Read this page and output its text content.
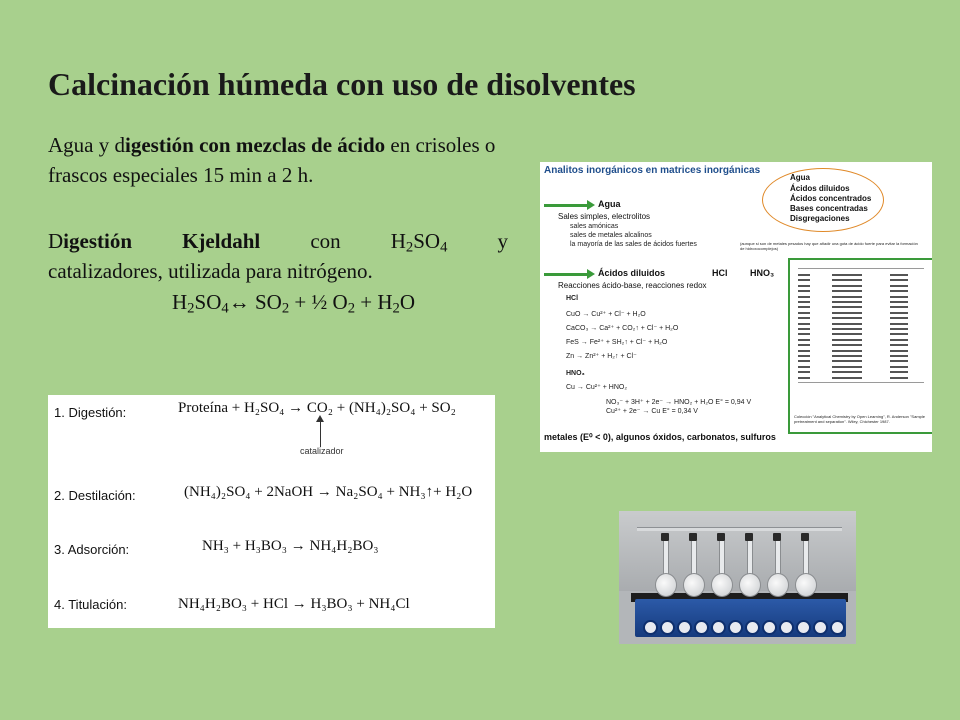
Calcinación húmeda con uso de disolventes
Agua y digestión con mezclas de ácido en crisoles o frascos especiales 15 min a 2 h.
Digestión Kjeldahl con $H_2SO_4$ y
catalizadores, utilizada para nitrógeno.
$H_2SO_4\leftrightarrow$ $SO_2$ + ½ $O_2 + H_2O$
1. Digestión:	Proteína + H₂SO₄ → CO₂ + (NH₄)₂SO₄ + SO₂
catalizador
2. Destilación:	(NH₄)₂SO₄ + 2NaOH → Na₂SO₄ + NH₃↑+ H₂O
3. Adsorción:	NH₃ + H₃BO₃ → NH₄H₂BO₃
4. Titulación:	NH₄H₂BO₃ + HCl → H₃BO₃ + NH₄Cl
Analitos inorgánicos en matrices inorgánicas
Agua
Ácidos diluidos
Ácidos concentrados
Bases concentradas
Disgregaciones
Agua
Sales simples, electrolitos
sales amónicas
sales de metales alcalinos
la mayoría de las sales de ácidos fuertes	(aunque si son de metales pesados hay que añadir una gota de ácido fuerte para evitar la formación de hidroxocomplejos)
Ácidos diluidos	HCl	HNO₃
Reacciones ácido-base, reacciones redox
HCl
CuO → Cu²⁺ + Cl⁻ + H₂O
CaCO₃ → Ca²⁺ + CO₂↑ + Cl⁻ + H₂O
FeS → Fe²⁺ + SH₂↑ + Cl⁻ + H₂O
Zn → Zn²⁺ + H₂↑ + Cl⁻
HNO₃
Cu → Cu²⁺ + HNO₂
NO₃⁻ + 3H⁺ + 2e⁻ → HNO₂ + H₂O E° = 0,94 V
Cu²⁺ + 2e⁻ → Cu E° = 0,34 V
Colección "Analytical Chemistry by Open Learning", R. Anderson "Sample pretreatment and separation". Wiley, Chichester 1987.
metales (E⁰ < 0), algunos óxidos, carbonatos, sulfuros
